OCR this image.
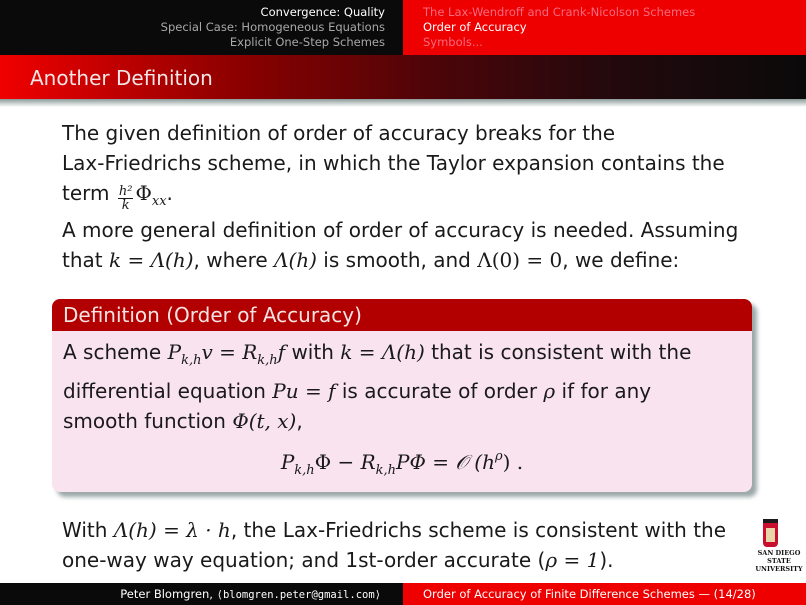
Convergence: Quality
Special Case: Homogeneous Equations
Explicit One-Step Schemes
The Lax-Wendroff and Crank-Nicolson Schemes
Order of Accuracy
Symbols...
Another Definition
The given definition of order of accuracy breaks for the
Lax-Friedrichs scheme, in which the Taylor expansion contains the
term $\frac{\text{h²}}{k} \Phi_{xx}$.
A more general definition of order of accuracy is needed. Assuming
that k = Λ(h), where Λ(h) is smooth, and Λ(0) = 0, we define:
Definition (Order of Accuracy)
A scheme $P_{k,h}v = R_{k,h}f$ with k = Λ(h) that is consistent with the
differential equation Pu = f is accurate of order ρ if for any
smooth function Φ(t, x),
$P_{k,h}\Phi - R_{k,h}P\Phi$ = 𝒪 $(h^\rho)$ .
With Λ(h) = λ · h, the Lax-Friedrichs scheme is consistent with the
one-way way equation; and 1st-order accurate (ρ = 1).	SAN DIEGO STATE
UNIVERSITY
Peter Blomgren, ⟨blomgren.peter@gmail.com⟩	Order of Accuracy of Finite Difference Schemes — (14/28)
